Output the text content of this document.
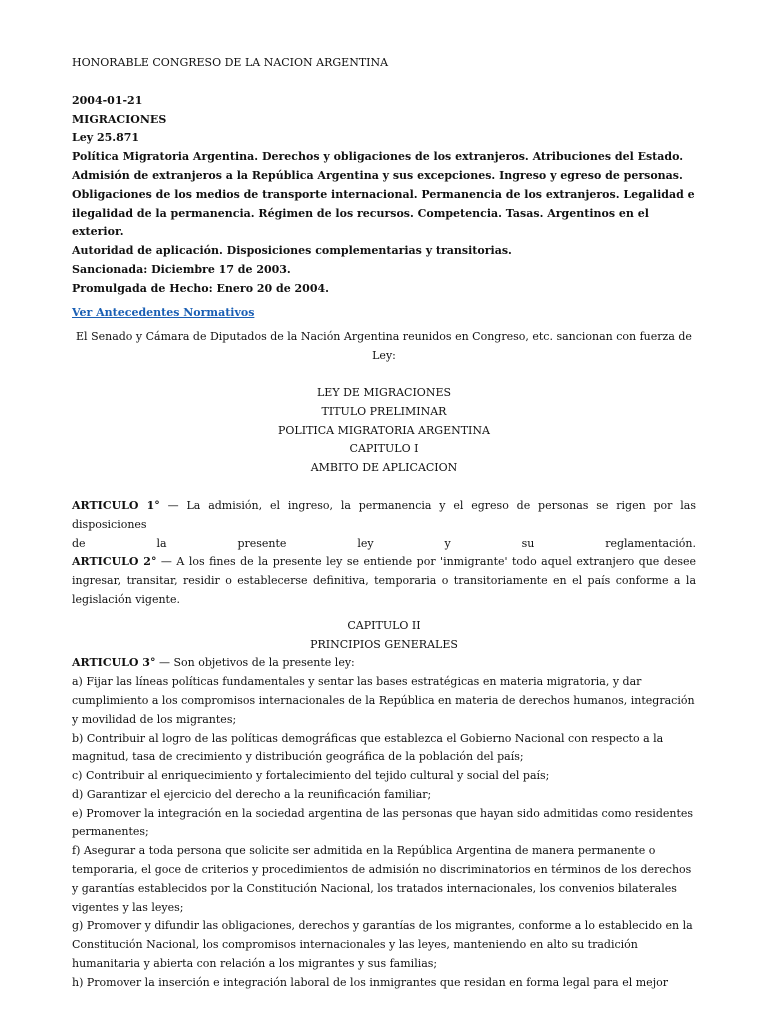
HONORABLE CONGRESO DE LA NACION ARGENTINA

2004-01-21

MIGRACIONES

Ley 25.871

Política Migratoria Argentina. Derechos y obligaciones de los extranjeros. Atribuciones del Estado.

Admisión de extranjeros a la República Argentina y sus excepciones. Ingreso y egreso de personas.

Obligaciones de los medios de transporte internacional. Permanencia de los extranjeros. Legalidad e

ilegalidad de la permanencia. Régimen de los recursos. Competencia. Tasas. Argentinos en el exterior.

Autoridad de aplicación. Disposiciones complementarias y transitorias.

Sancionada: Diciembre 17 de 2003.

Promulgada de Hecho: Enero 20 de 2004.

Ver Antecedentes Normativos

El Senado y Cámara de Diputados de la Nación Argentina reunidos en Congreso, etc. sancionan con fuerza de Ley:

LEY DE MIGRACIONES

TITULO PRELIMINAR

POLITICA MIGRATORIA ARGENTINA

CAPITULO I

AMBITO DE APLICACION

ARTICULO 1° — La admisión, el ingreso, la permanencia y el egreso de personas se rigen por las disposiciones

de la presente ley y su reglamentación.

ARTICULO 2° — A los fines de la presente ley se entiende por 'inmigrante' todo aquel extranjero que desee ingresar, transitar, residir o establecerse definitiva, temporaria o transitoriamente en el país conforme a la legislación vigente.

CAPITULO II

PRINCIPIOS GENERALES

ARTICULO 3° — Son objetivos de la presente ley:

a) Fijar las líneas políticas fundamentales y sentar las bases estratégicas en materia migratoria, y dar

cumplimiento a los compromisos internacionales de la República en materia de derechos humanos, integración

y movilidad de los migrantes;

b) Contribuir al logro de las políticas demográficas que establezca el Gobierno Nacional con respecto a la

magnitud, tasa de crecimiento y distribución geográfica de la población del país;

c) Contribuir al enriquecimiento y fortalecimiento del tejido cultural y social del país;

d) Garantizar el ejercicio del derecho a la reunificación familiar;

e) Promover la integración en la sociedad argentina de las personas que hayan sido admitidas como residentes

permanentes;

f) Asegurar a toda persona que solicite ser admitida en la República Argentina de manera permanente o

temporaria, el goce de criterios y procedimientos de admisión no discriminatorios en términos de los derechos

y garantías establecidos por la Constitución Nacional, los tratados internacionales, los convenios bilaterales

vigentes y las leyes;

g) Promover y difundir las obligaciones, derechos y garantías de los migrantes, conforme a lo establecido en la

Constitución Nacional, los compromisos internacionales y las leyes, manteniendo en alto su tradición

humanitaria y abierta con relación a los migrantes y sus familias;

h) Promover la inserción e integración laboral de los inmigrantes que residan en forma legal para el mejor
